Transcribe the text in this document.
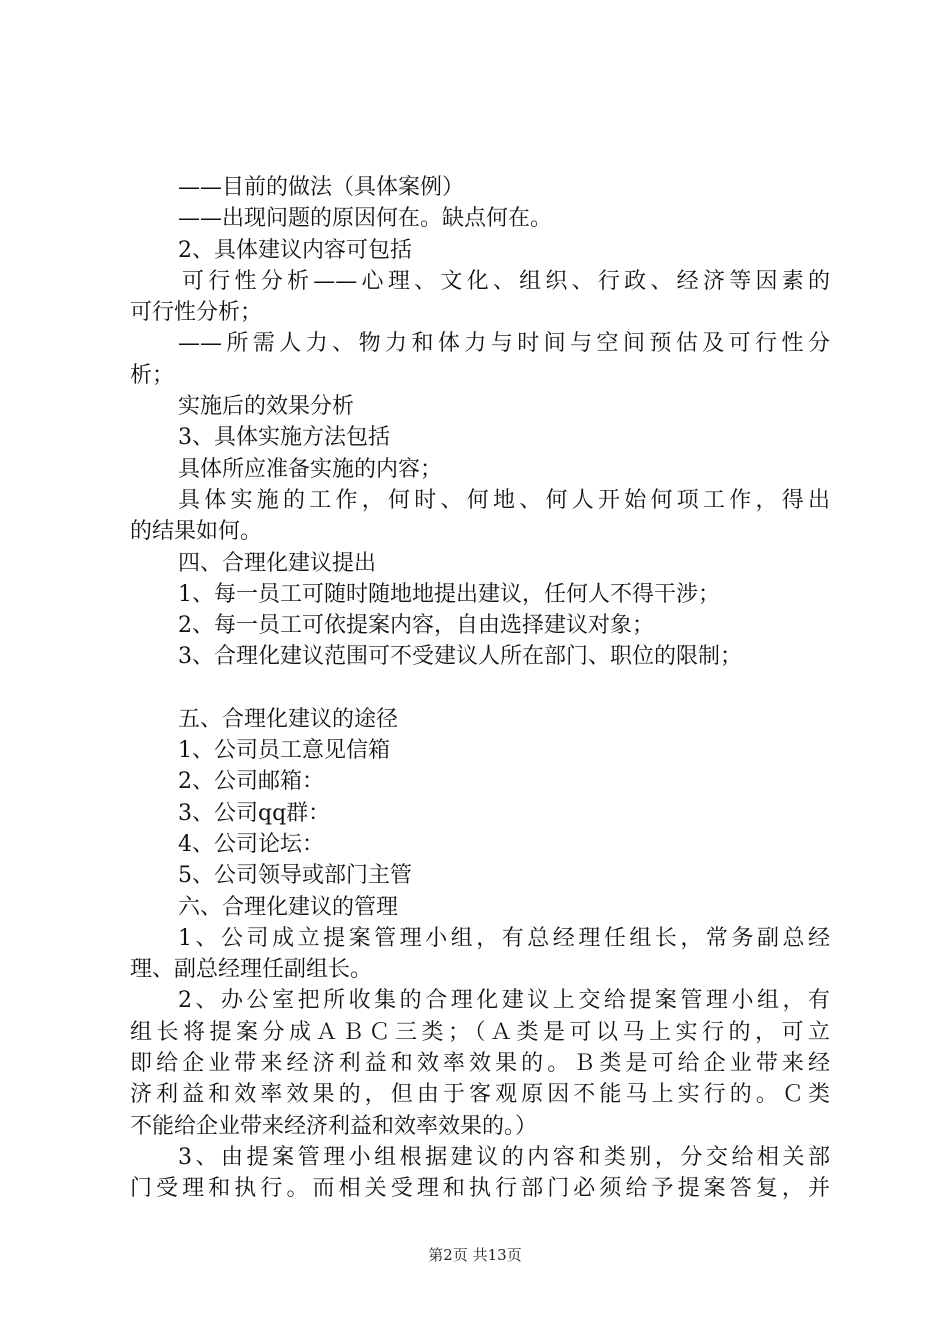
——目前的做法（具体案例）

——出现问题的原因何在。缺点何在。

2、具体建议内容可包括

可行性分析——心理、文化、组织、行政、经济等因素的

可行性分析；

——所需人力、物力和体力与时间与空间预估及可行性分

析；

实施后的效果分析

3、具体实施方法包括

具体所应准备实施的内容；

具体实施的工作，何时、何地、何人开始何项工作，得出

的结果如何。

四、合理化建议提出

1、每一员工可随时随地地提出建议，任何人不得干涉；

2、每一员工可依提案内容，自由选择建议对象；

3、合理化建议范围可不受建议人所在部门、职位的限制；

五、合理化建议的途径

1、公司员工意见信箱

2、公司邮箱：

3、公司qq群：

4、公司论坛：

5、公司领导或部门主管

六、合理化建议的管理

1、公司成立提案管理小组，有总经理任组长，常务副总经

理、副总经理任副组长。

2、办公室把所收集的合理化建议上交给提案管理小组，有

组长将提案分成ＡＢＣ三类；（Ａ类是可以马上实行的，可立

即给企业带来经济利益和效率效果的。Ｂ类是可给企业带来经

济利益和效率效果的，但由于客观原因不能马上实行的。Ｃ类

不能给企业带来经济利益和效率效果的。）

3、由提案管理小组根据建议的内容和类别，分交给相关部

门受理和执行。而相关受理和执行部门必须给予提案答复，并

第2页 共13页
